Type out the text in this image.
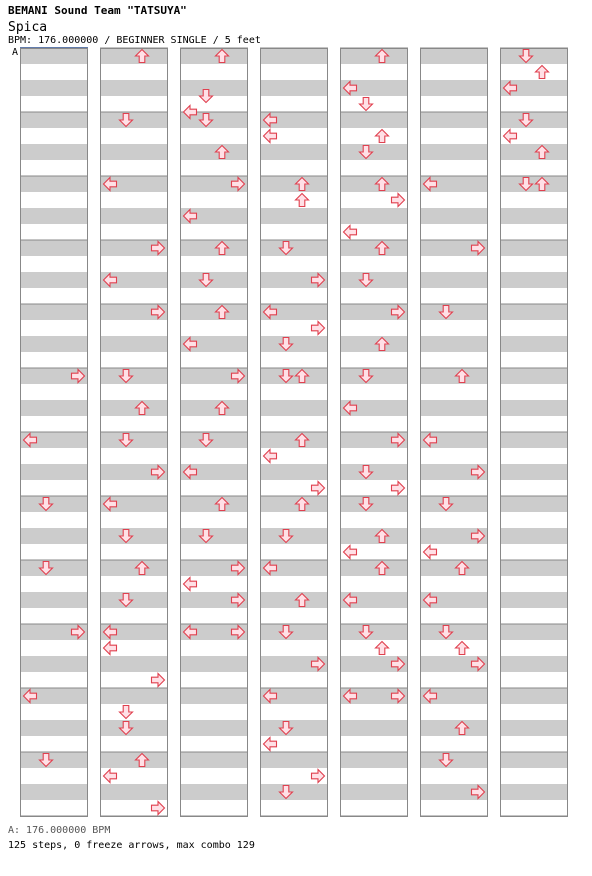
BEMANI Sound Team "TATSUYA"
Spica
BPM: 176.000000 / BEGINNER SINGLE / 5 feet
A
A: 176.000000 BPM
125 steps, 0 freeze arrows, max combo 129
